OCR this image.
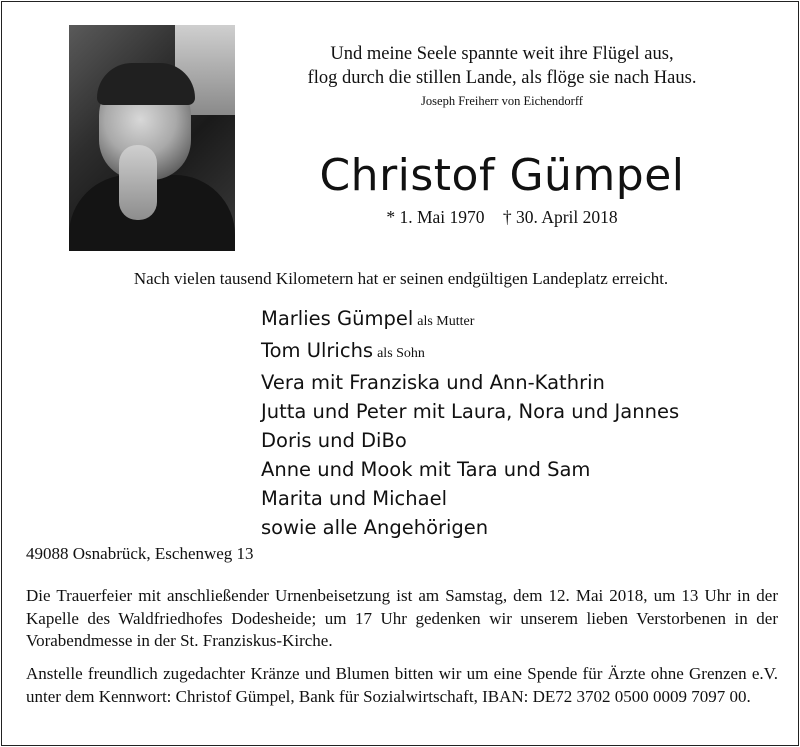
Und meine Seele spannte weit ihre Flügel aus,
flog durch die stillen Lande, als flöge sie nach Haus.
Joseph Freiherr von Eichendorff
Christof Gümpel
* 1. Mai 1970 † 30. April 2018
Nach vielen tausend Kilometern hat er seinen endgültigen Landeplatz erreicht.
Marlies Gümpel als Mutter
Tom Ulrichs als Sohn
Vera mit Franziska und Ann-Kathrin
Jutta und Peter mit Laura, Nora und Jannes
Doris und DiBo
Anne und Mook mit Tara und Sam
Marita und Michael
sowie alle Angehörigen
49088 Osnabrück, Eschenweg 13
Die Trauerfeier mit anschließender Urnenbeisetzung ist am Samstag, dem 12. Mai 2018, um 13 Uhr in der Kapelle des Waldfriedhofes Dodesheide; um 17 Uhr gedenken wir unserem lieben Verstorbenen in der Vorabendmesse in der St. Franziskus-Kirche.
Anstelle freundlich zugedachter Kränze und Blumen bitten wir um eine Spende für Ärzte ohne Grenzen e.V. unter dem Kennwort: Christof Gümpel, Bank für Sozialwirtschaft, IBAN: DE72 3702 0500 0009 7097 00.
